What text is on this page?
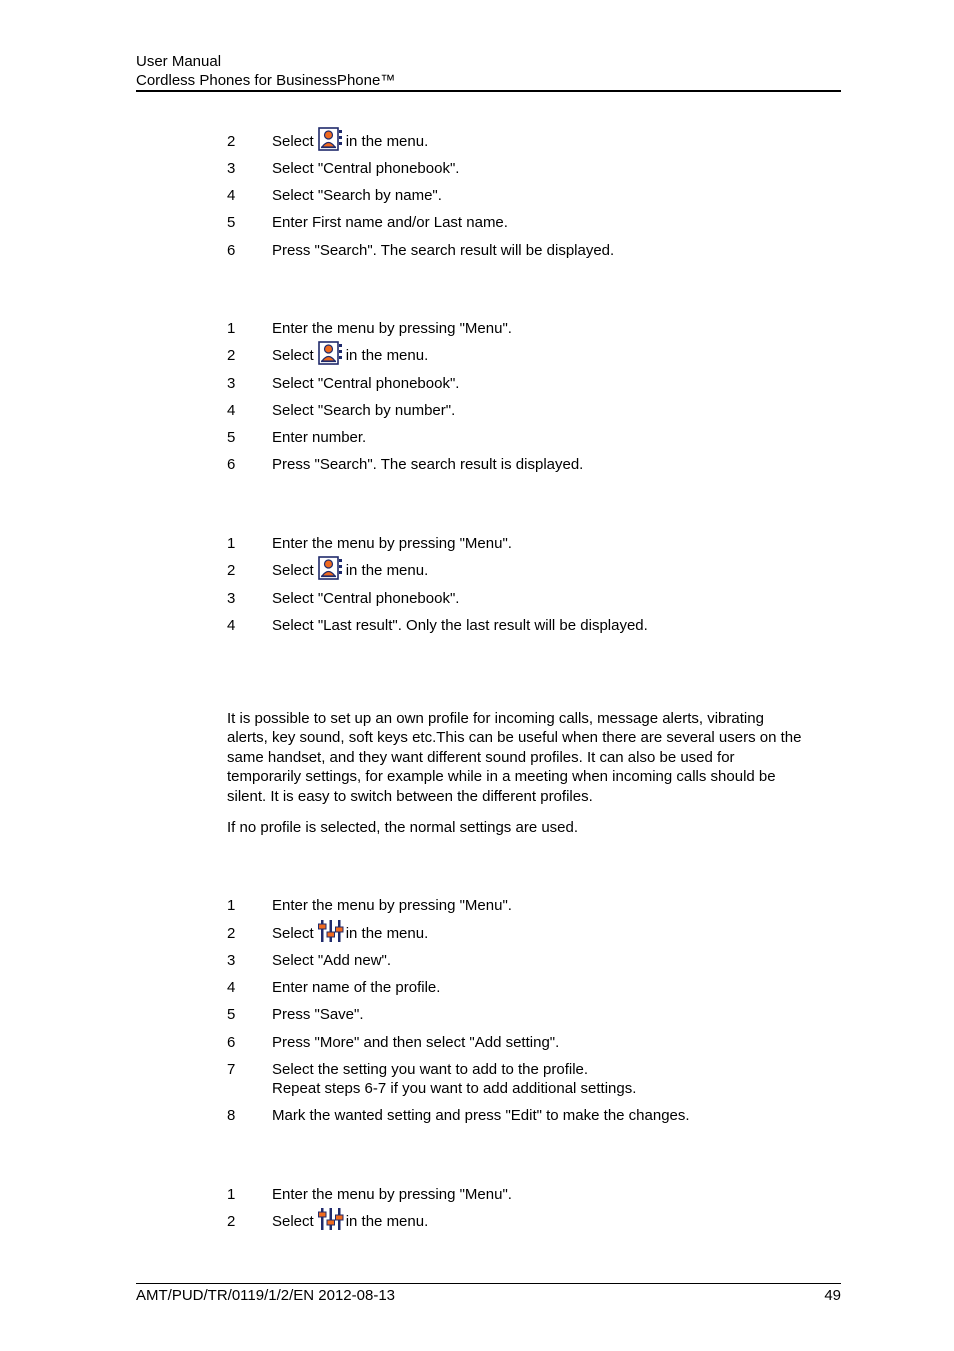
User Manual
Cordless Phones for BusinessPhone™
2 Select in the menu.
3 Select "Central phonebook".
4 Select "Search by name".
5 Enter First name and/or Last name.
6 Press "Search". The search result will be displayed.
1 Enter the menu by pressing "Menu".
2 Select in the menu.
3 Select "Central phonebook".
4 Select "Search by number".
5 Enter number.
6 Press "Search". The search result is displayed.
1 Enter the menu by pressing "Menu".
2 Select in the menu.
3 Select "Central phonebook".
4 Select "Last result". Only the last result will be displayed.
It is possible to set up an own profile for incoming calls, message alerts, vibrating
alerts, key sound, soft keys etc.This can be useful when there are several users on the
same handset, and they want different sound profiles. It can also be used for
temporarily settings, for example while in a meeting when incoming calls should be
silent. It is easy to switch between the different profiles.
If no profile is selected, the normal settings are used.
1 Enter the menu by pressing "Menu".
2 Select in the menu.
3 Select "Add new".
4 Enter name of the profile.
5 Press "Save".
6 Press "More" and then select "Add setting".
7 Select the setting you want to add to the profile.
Repeat steps 6-7 if you want to add additional settings.
8 Mark the wanted setting and press "Edit" to make the changes.
1 Enter the menu by pressing "Menu".
2 Select in the menu.
AMT/PUD/TR/0119/1/2/EN 2012-08-13	49
